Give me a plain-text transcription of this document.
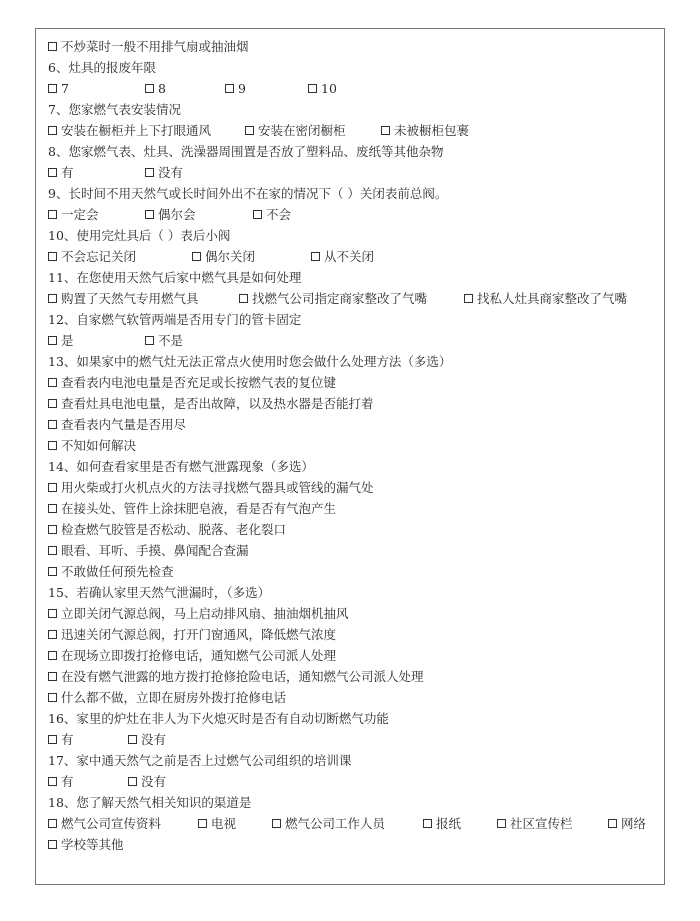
不炒菜时一般不用排气扇或抽油烟
6、灶具的报废年限
7	8	9	10
7、您家燃气表安装情况
安装在橱柜并上下打眼通风	安装在密闭橱柜	未被橱柜包裹
8、您家燃气表、灶具、洗澡器周围置是否放了塑料品、废纸等其他杂物
有	没有
9、长时间不用天然气或长时间外出不在家的情况下（ ）关闭表前总阀。
一定会	偶尔会	不会
10、使用完灶具后（ ）表后小阀
不会忘记关闭	偶尔关闭	从不关闭
11、在您使用天然气后家中燃气具是如何处理
购置了天然气专用燃气具	找燃气公司指定商家整改了气嘴	找私人灶具商家整改了气嘴
12、自家燃气软管两端是否用专门的管卡固定
是	不是
13、如果家中的燃气灶无法正常点火使用时您会做什么处理方法（多选）
查看表内电池电量是否充足或长按燃气表的复位键
查看灶具电池电量，是否出故障，以及热水器是否能打着
查看表内气量是否用尽
不知如何解决
14、如何查看家里是否有燃气泄露现象（多选）
用火柴或打火机点火的方法寻找燃气器具或管线的漏气处
在接头处、管件上涂抹肥皂液，看是否有气泡产生
检查燃气胶管是否松动、脱落、老化裂口
眼看、耳听、手摸、鼻闻配合查漏
不敢做任何预先检查
15、若确认家里天然气泄漏时，（多选）
立即关闭气源总阀，马上启动排风扇、抽油烟机抽风
迅速关闭气源总阀，打开门窗通风，降低燃气浓度
在现场立即拨打抢修电话，通知燃气公司派人处理
在没有燃气泄露的地方拨打抢修抢险电话，通知燃气公司派人处理
什么都不做，立即在厨房外拨打抢修电话
16、家里的炉灶在非人为下火熄灭时是否有自动切断燃气功能
有	没有
17、家中通天然气之前是否上过燃气公司组织的培训课
有	没有
18、您了解天然气相关知识的渠道是
燃气公司宣传资料	电视	燃气公司工作人员	报纸	社区宣传栏	网络
学校等其他
